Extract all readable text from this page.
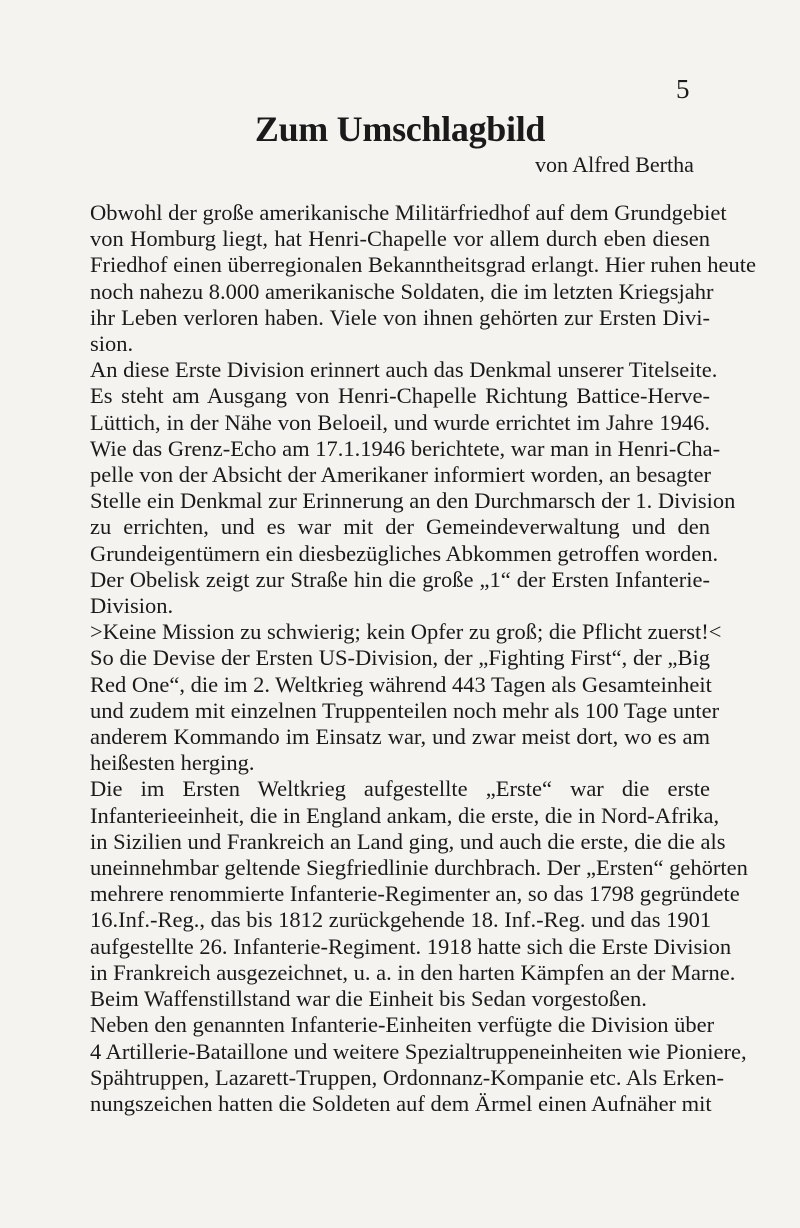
5
Zum Umschlagbild
von Alfred Bertha
Obwohl der große amerikanische Militärfriedhof auf dem Grundgebiet
von Homburg liegt, hat Henri-Chapelle vor allem durch eben diesen
Friedhof einen überregionalen Bekanntheitsgrad erlangt. Hier ruhen heute
noch nahezu 8.000 amerikanische Soldaten, die im letzten Kriegsjahr
ihr Leben verloren haben. Viele von ihnen gehörten zur Ersten Divi-
sion.
An diese Erste Division erinnert auch das Denkmal unserer Titelseite.
Es steht am Ausgang von Henri-Chapelle Richtung Battice-Herve-
Lüttich, in der Nähe von Beloeil, und wurde errichtet im Jahre 1946.
Wie das Grenz-Echo am 17.1.1946 berichtete, war man in Henri-Cha-
pelle von der Absicht der Amerikaner informiert worden, an besagter
Stelle ein Denkmal zur Erinnerung an den Durchmarsch der 1. Division
zu errichten, und es war mit der Gemeindeverwaltung und den
Grundeigentümern ein diesbezügliches Abkommen getroffen worden.
Der Obelisk zeigt zur Straße hin die große „1“ der Ersten Infanterie-
Division.
>Keine Mission zu schwierig; kein Opfer zu groß; die Pflicht zuerst!<
So die Devise der Ersten US-Division, der „Fighting First“, der „Big
Red One“, die im 2. Weltkrieg während 443 Tagen als Gesamteinheit
und zudem mit einzelnen Truppenteilen noch mehr als 100 Tage unter
anderem Kommando im Einsatz war, und zwar meist dort, wo es am
heißesten herging.
Die im Ersten Weltkrieg aufgestellte „Erste“ war die erste
Infanterieeinheit, die in England ankam, die erste, die in Nord-Afrika,
in Sizilien und Frankreich an Land ging, und auch die erste, die die als
uneinnehmbar geltende Siegfriedlinie durchbrach. Der „Ersten“ gehörten
mehrere renommierte Infanterie-Regimenter an, so das 1798 gegründete
16.Inf.-Reg., das bis 1812 zurückgehende 18. Inf.-Reg. und das 1901
aufgestellte 26. Infanterie-Regiment. 1918 hatte sich die Erste Division
in Frankreich ausgezeichnet, u. a. in den harten Kämpfen an der Marne.
Beim Waffenstillstand war die Einheit bis Sedan vorgestoßen.
Neben den genannten Infanterie-Einheiten verfügte die Division über
4 Artillerie-Bataillone und weitere Spezialtruppeneinheiten wie Pioniere,
Spähtruppen, Lazarett-Truppen, Ordonnanz-Kompanie etc. Als Erken-
nungszeichen hatten die Soldeten auf dem Ärmel einen Aufnäher mit
